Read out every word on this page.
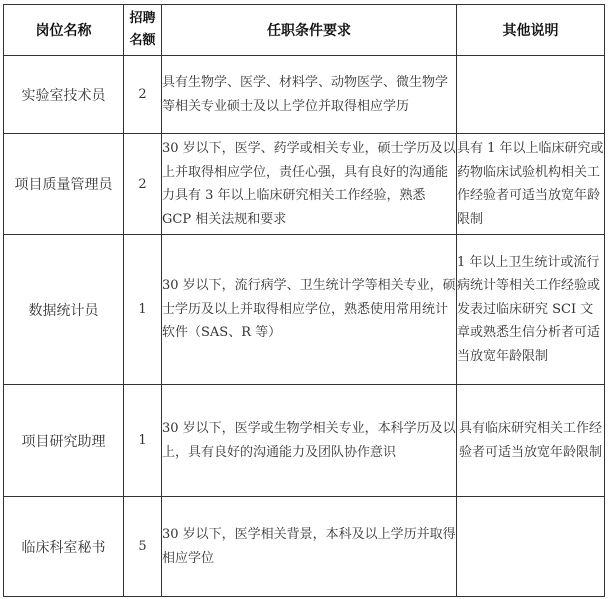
岗位名称	招聘名额	任职条件要求	其他说明
实验室技术员	2	具有生物学、医学、材料学、动物医学、微生物学等相关专业硕士及以上学位并取得相应学历	
项目质量管理员	2	30 岁以下，医学、药学或相关专业，硕士学历及以上并取得相应学位，责任心强，具有良好的沟通能力具有 3 年以上临床研究相关工作经验，熟悉 GCP 相关法规和要求	具有 1 年以上临床研究或药物临床试验机构相关工作经验者可适当放宽年龄限制
数据统计员	1	30 岁以下，流行病学、卫生统计学等相关专业，硕士学历及以上并取得相应学位，熟悉使用常用统计软件（SAS、R 等）	1 年以上卫生统计或流行病统计等相关工作经验或发表过临床研究 SCI 文章或熟悉生信分析者可适当放宽年龄限制
项目研究助理	1	30 岁以下，医学或生物学相关专业，本科学历及以上，具有良好的沟通能力及团队协作意识	具有临床研究相关工作经验者可适当放宽年龄限制
临床科室秘书	5	30 岁以下，医学相关背景，本科及以上学历并取得相应学位	
